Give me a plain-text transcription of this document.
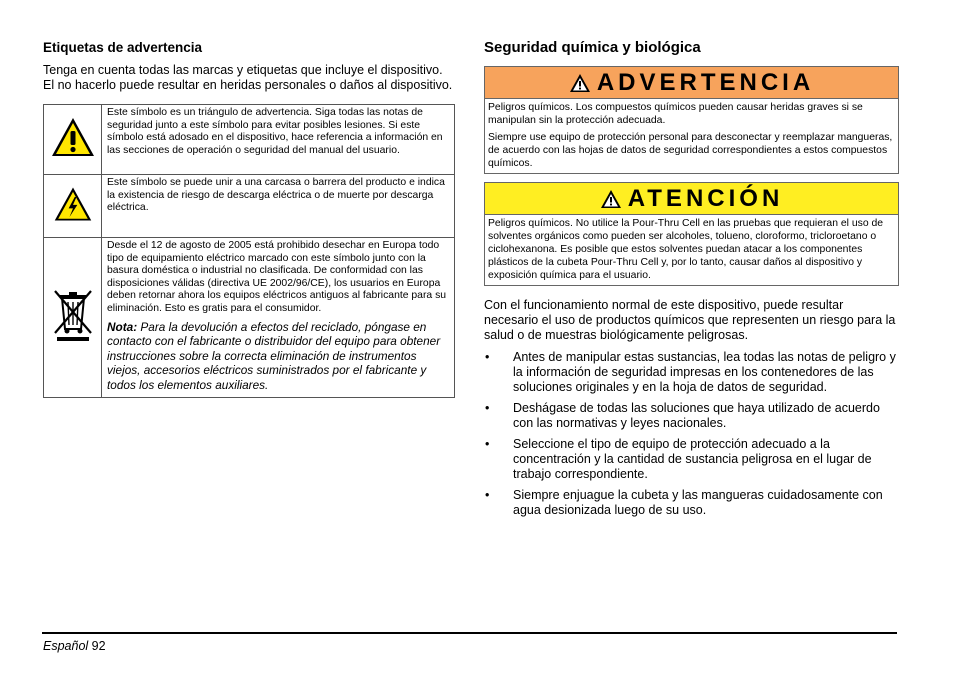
Etiquetas de advertencia

Tenga en cuenta todas las marcas y etiquetas que incluye el dispositivo. El no hacerlo puede resultar en heridas personales o daños al dispositivo.

	Este símbolo es un triángulo de advertencia. Siga todas las notas de seguridad junto a este símbolo para evitar posibles lesiones. Si este símbolo está adosado en el dispositivo, hace referencia a información en las secciones de operación o seguridad del manual del usuario.
	Este símbolo se puede unir a una carcasa o barrera del producto e indica la existencia de riesgo de descarga eléctrica o de muerte por descarga eléctrica.
	Desde el 12 de agosto de 2005 está prohibido desechar en Europa todo tipo de equipamiento eléctrico marcado con este símbolo junto con la basura doméstica o industrial no clasificada. De conformidad con las disposiciones válidas (directiva UE 2002/96/CE), los usuarios en Europa deben retornar ahora los equipos eléctricos antiguos al fabricante para su eliminación. Esto es gratis para el consumidor.
Nota: Para la devolución a efectos del reciclado, póngase en contacto con el fabricante o distribuidor del equipo para obtener instrucciones sobre la correcta eliminación de instrumentos viejos, accesorios eléctricos suministrados por el fabricante y todos los elementos auxiliares.
Seguridad química y biológica
ADVERTENCIA

Peligros químicos. Los compuestos químicos pueden causar heridas graves si se manipulan sin la protección adecuada.

Siempre use equipo de protección personal para desconectar y reemplazar mangueras, de acuerdo con las hojas de datos de seguridad correspondientes a estos compuestos químicos.

ATENCIÓN

Peligros químicos. No utilice la Pour-Thru Cell en las pruebas que requieran el uso de solventes orgánicos como pueden ser alcoholes, tolueno, cloroformo, tricloroetano o ciclohexanona. Es posible que estos solventes puedan atacar a los componentes plásticos de la cubeta Pour-Thru Cell y, por lo tanto, causar daños al dispositivo y exposición química para el usuario.

Con el funcionamiento normal de este dispositivo, puede resultar necesario el uso de productos químicos que representen un riesgo para la salud o de muestras biológicamente peligrosas.

• Antes de manipular estas sustancias, lea todas las notas de peligro y la información de seguridad impresas en los contenedores de las soluciones originales y en la hoja de datos de seguridad.
• Deshágase de todas las soluciones que haya utilizado de acuerdo con las normativas y leyes nacionales.
• Seleccione el tipo de equipo de protección adecuado a la concentración y la cantidad de sustancia peligrosa en el lugar de trabajo correspondiente.
• Siempre enjuague la cubeta y las mangueras cuidadosamente con agua desionizada luego de su uso.
Español 92
